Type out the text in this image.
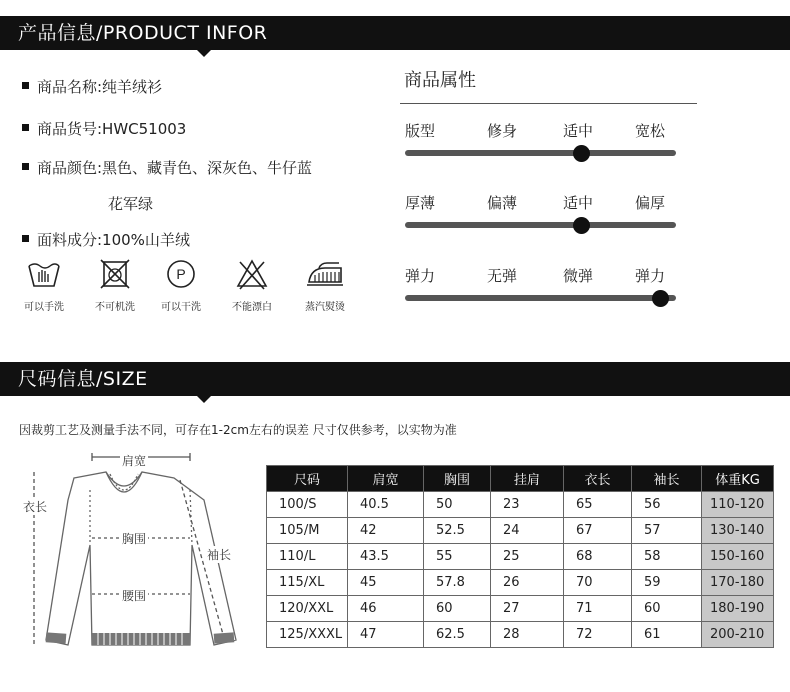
产品信息/PRODUCT INFOR
商品名称:纯羊绒衫
商品货号:HWC51003
商品颜色:黑色、藏青色、深灰色、牛仔蓝
花军绿
面料成分:100%山羊绒
可以手洗	不可机洗
P
可以干洗	不能漂白	蒸汽熨烫
商品属性
版型	修身	适中	宽松
厚薄	偏薄	适中	偏厚
弹力	无弹	微弹	弹力
尺码信息/SIZE
因裁剪工艺及测量手法不同，可存在1-2cm左右的误差 尺寸仅供参考，以实物为准
肩宽
衣长
胸围
袖长
腰围
尺码	肩宽	胸围	挂肩	衣长	袖长	体重KG
100/S	40.5	50	23	65	56	110-120
105/M	42	52.5	24	67	57	130-140
110/L	43.5	55	25	68	58	150-160
115/XL	45	57.8	26	70	59	170-180
120/XXL	46	60	27	71	60	180-190
125/XXXL	47	62.5	28	72	61	200-210
